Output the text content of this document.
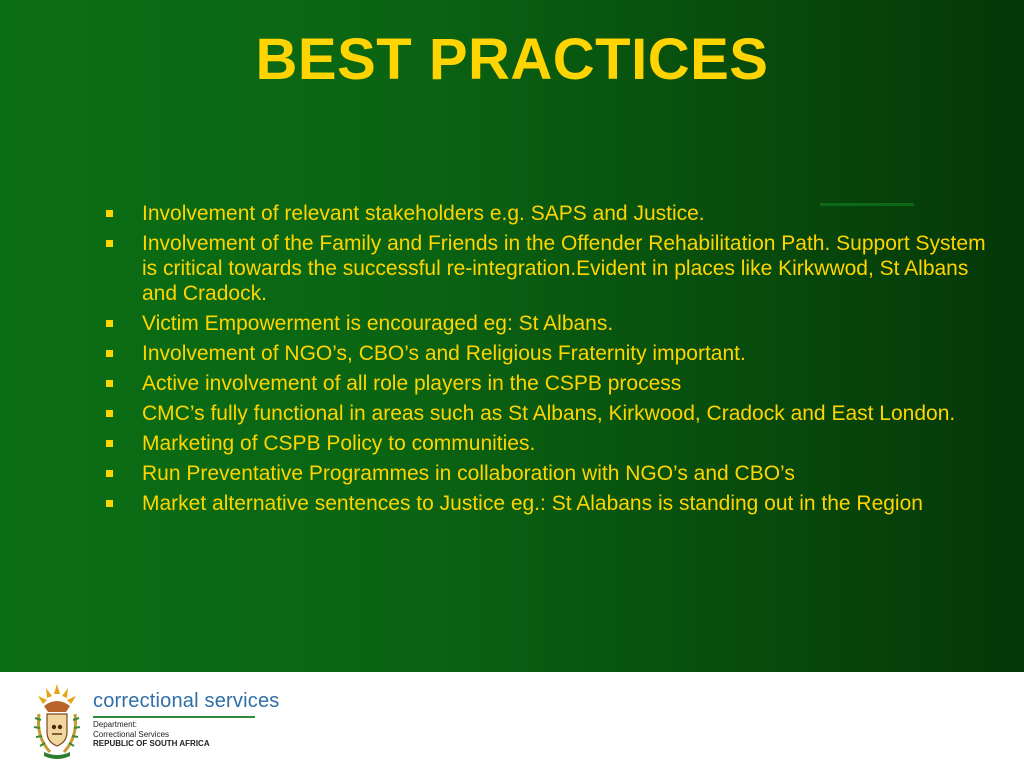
BEST PRACTICES
Involvement of relevant stakeholders e.g. SAPS and Justice.
Involvement of the Family and Friends in the Offender Rehabilitation Path. Support System is critical towards the successful re-integration.Evident in places like Kirkwwod, St Albans and Cradock.
Victim Empowerment is encouraged eg: St Albans.
Involvement of NGO’s, CBO’s and Religious Fraternity important.
Active involvement of all role players in the CSPB process
CMC’s fully functional in areas such as St Albans, Kirkwood, Cradock and East London.
Marketing of CSPB Policy to communities.
Run Preventative Programmes in collaboration with NGO’s and CBO’s
Market alternative sentences to Justice eg.: St Alabans is standing out in the Region
correctional services
Department:
Correctional Services
REPUBLIC OF SOUTH AFRICA
